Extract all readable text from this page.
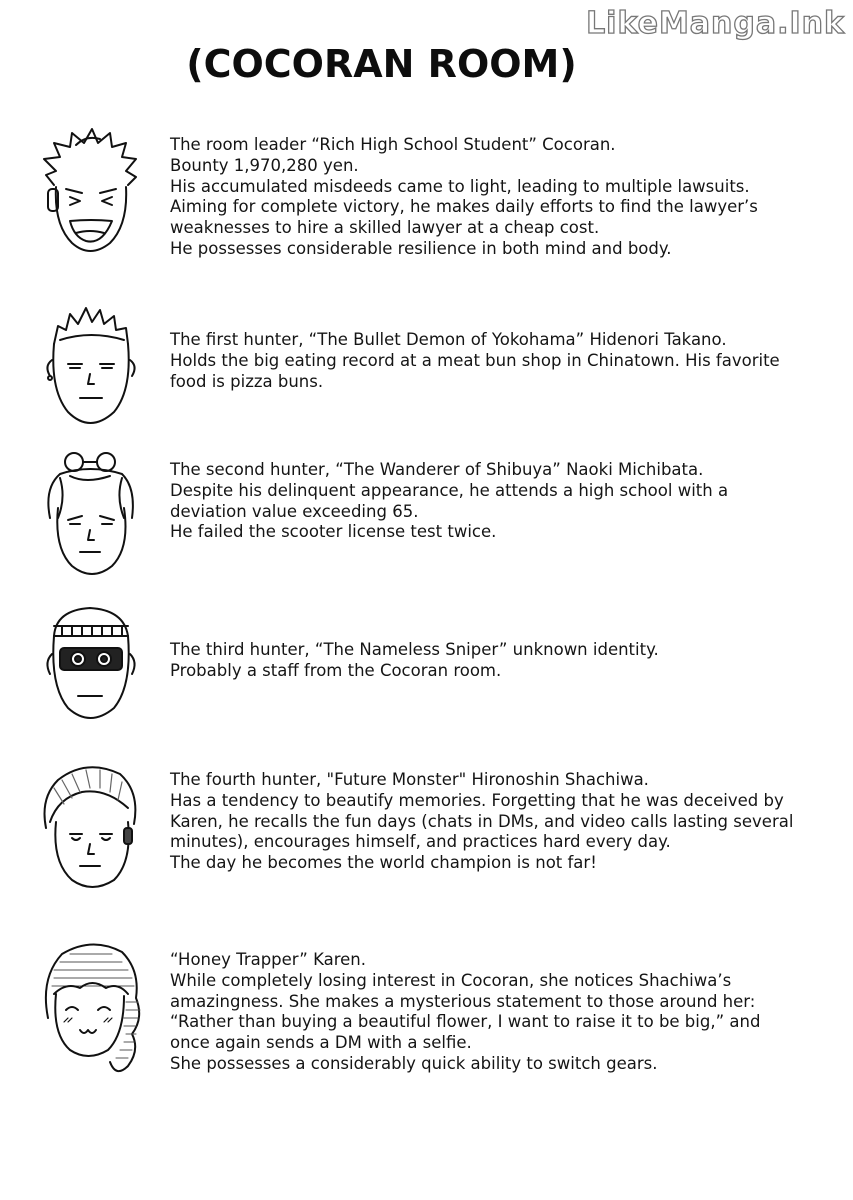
LikeManga.Ink
(COCORAN ROOM)
The room leader “Rich High School Student” Cocoran.
Bounty 1,970,280 yen.
His accumulated misdeeds came to light, leading to multiple lawsuits.
Aiming for complete victory, he makes daily efforts to find the lawyer’s
weaknesses to hire a skilled lawyer at a cheap cost.
He possesses considerable resilience in both mind and body.
The first hunter, “The Bullet Demon of Yokohama” Hidenori Takano.
Holds the big eating record at a meat bun shop in Chinatown. His favorite
food is pizza buns.
The second hunter, “The Wanderer of Shibuya” Naoki Michibata.
Despite his delinquent appearance, he attends a high school with a
deviation value exceeding 65.
He failed the scooter license test twice.
The third hunter, “The Nameless Sniper” unknown identity.
Probably a staff from the Cocoran room.
The fourth hunter, "Future Monster" Hironoshin Shachiwa.
Has a tendency to beautify memories. Forgetting that he was deceived by
Karen, he recalls the fun days (chats in DMs, and video calls lasting several
minutes), encourages himself, and practices hard every day.
The day he becomes the world champion is not far!
“Honey Trapper” Karen.
While completely losing interest in Cocoran, she notices Shachiwa’s
amazingness. She makes a mysterious statement to those around her:
“Rather than buying a beautiful flower, I want to raise it to be big,” and
once again sends a DM with a selfie.
She possesses a considerably quick ability to switch gears.
